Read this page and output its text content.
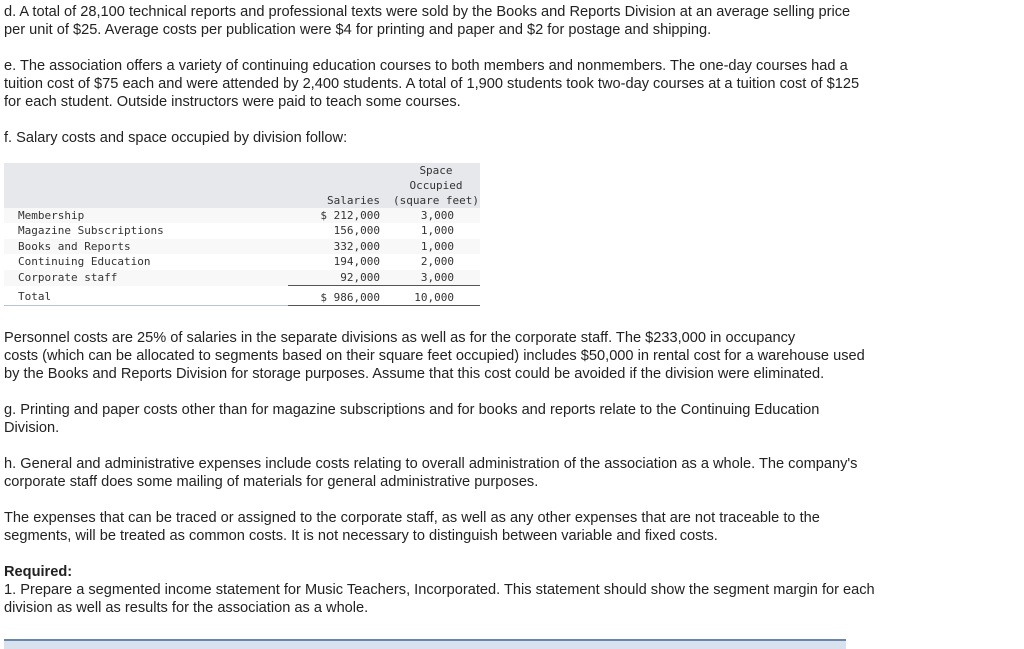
d. A total of 28,100 technical reports and professional texts were sold by the Books and Reports Division at an average selling price
per unit of $25. Average costs per publication were $4 for printing and paper and $2 for postage and shipping.
e. The association offers a variety of continuing education courses to both members and nonmembers. The one-day courses had a
tuition cost of $75 each and were attended by 2,400 students. A total of 1,900 students took two-day courses at a tuition cost of $125
for each student. Outside instructors were paid to teach some courses.
f. Salary costs and space occupied by division follow:
	Salaries	Space
Occupied
(square feet)

Membership	$ 212,000	3,000
Magazine Subscriptions	156,000	1,000
Books and Reports	332,000	1,000
Continuing Education	194,000	2,000
Corporate staff	92,000	3,000
Total	$ 986,000	10,000
Personnel costs are 25% of salaries in the separate divisions as well as for the corporate staff. The $233,000 in occupancy
costs (which can be allocated to segments based on their square feet occupied) includes $50,000 in rental cost for a warehouse used
by the Books and Reports Division for storage purposes. Assume that this cost could be avoided if the division were eliminated.
g. Printing and paper costs other than for magazine subscriptions and for books and reports relate to the Continuing Education
Division.
h. General and administrative expenses include costs relating to overall administration of the association as a whole. The company's
corporate staff does some mailing of materials for general administrative purposes.
The expenses that can be traced or assigned to the corporate staff, as well as any other expenses that are not traceable to the
segments, will be treated as common costs. It is not necessary to distinguish between variable and fixed costs.
Required:
1. Prepare a segmented income statement for Music Teachers, Incorporated. This statement should show the segment margin for each
division as well as results for the association as a whole.
